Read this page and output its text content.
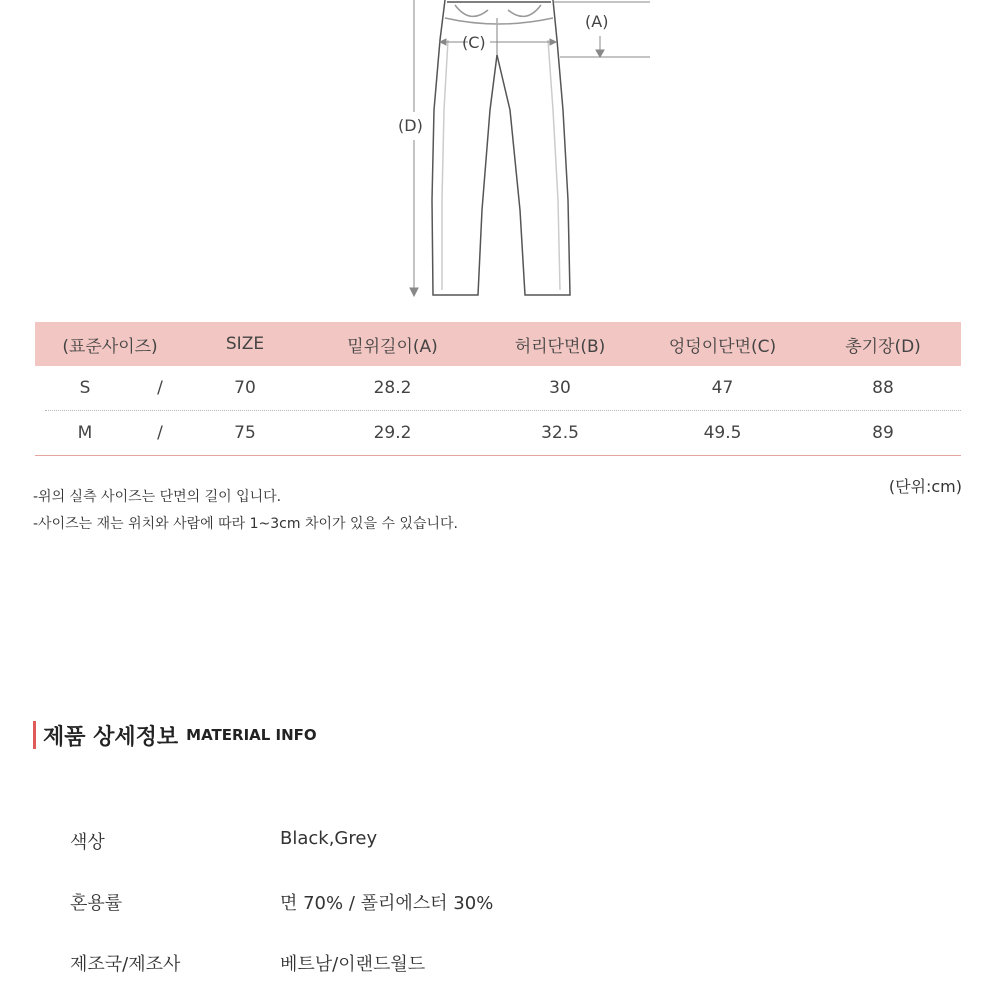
(A)
(C)
(D)
(표준사이즈)	SIZE	밑위길이(A)	허리단면(B)	엉덩이단면(C)	총기장(D)
S	/	70	28.2	30	47	88
M	/	75	29.2	32.5	49.5	89
(단위:cm)
-위의 실측 사이즈는 단면의 길이 입니다.
-사이즈는 재는 위치와 사람에 따라 1~3cm 차이가 있을 수 있습니다.
제품 상세정보 MATERIAL INFO
색상	Black,Grey
혼용률	면 70% / 폴리에스터 30%
제조국/제조사	베트남/이랜드월드
